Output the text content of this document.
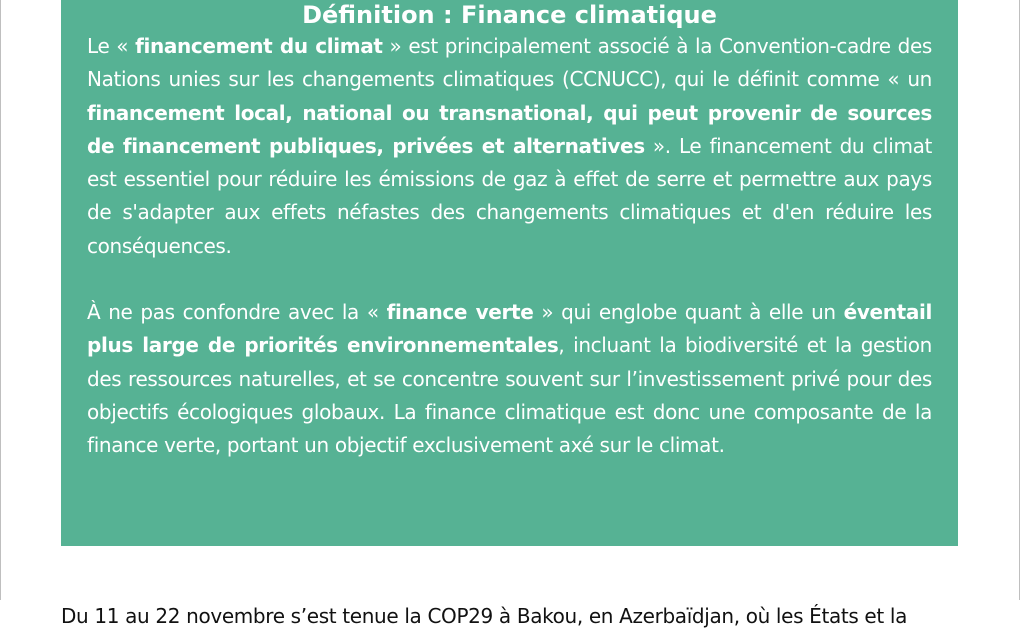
Définition : Finance climatique

Le « financement du climat » est principalement associé à la Convention-cadre des Nations unies sur les changements climatiques (CCNUCC), qui le définit comme « un financement local, national ou transnational, qui peut provenir de sources de financement publiques, privées et alternatives ». Le financement du climat est essentiel pour réduire les émissions de gaz à effet de serre et permettre aux pays de s'adapter aux effets néfastes des changements climatiques et d'en réduire les conséquences.

À ne pas confondre avec la « finance verte » qui englobe quant à elle un éventail plus large de priorités environnementales, incluant la biodiversité et la gestion des ressources naturelles, et se concentre souvent sur l’investissement privé pour des objectifs écologiques globaux. La finance climatique est donc une composante de la finance verte, portant un objectif exclusivement axé sur le climat.

Du 11 au 22 novembre s’est tenue la COP29 à Bakou, en Azerbaïdjan, où les États et la
